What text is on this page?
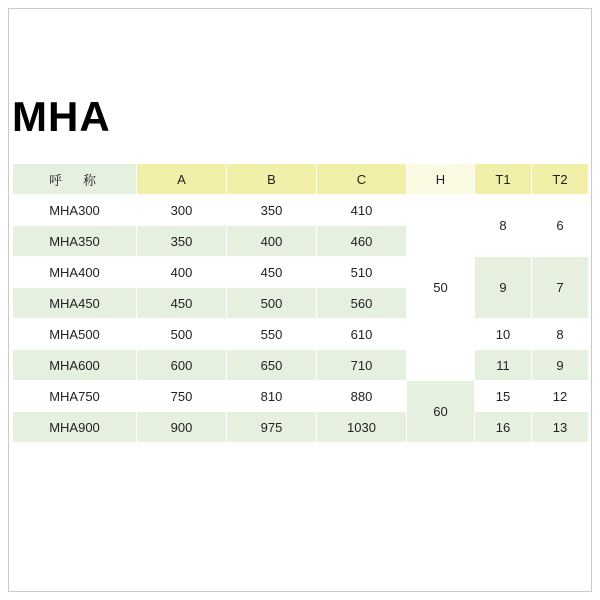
MHA
呼　称	A	B	C	H	T1	T2
MHA300	300	350	410	50	8	6
MHA350	350	400	460			
MHA400	400	450	510		9	7
MHA450	450	500	560			
MHA500	500	550	610		10	8
MHA600	600	650	710		11	9
MHA750	750	810	880	60	15	12
MHA900	900	975	1030		16	13
